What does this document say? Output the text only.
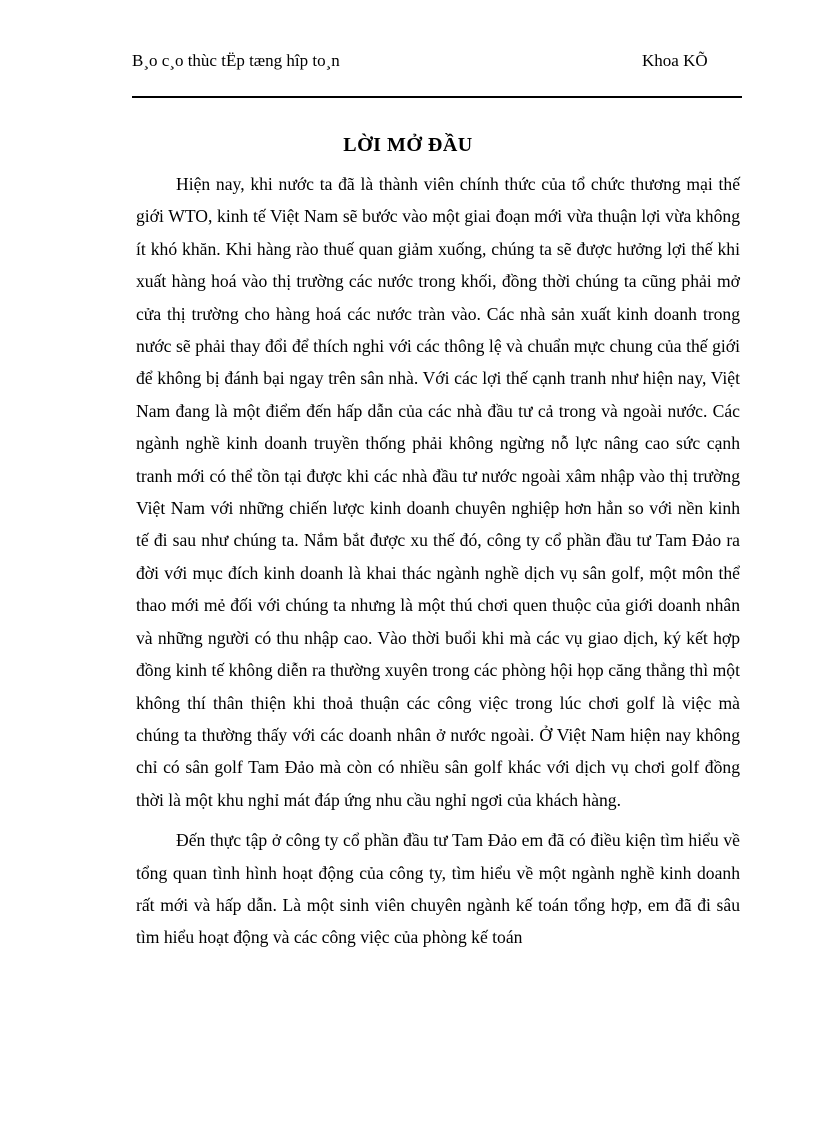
B¸o c¸o thùc tËp tæng hîp to¸n	Khoa KÕ
LỜI MỞ ĐẦU

Hiện nay, khi nước ta đã là thành viên chính thức của tổ chức thương mại thế giới WTO, kinh tế Việt Nam sẽ bước vào một giai đoạn mới vừa thuận lợi vừa không ít khó khăn. Khi hàng rào thuế quan giảm xuống, chúng ta sẽ được hưởng lợi thế khi xuất hàng hoá vào thị trường các nước trong khối, đồng thời chúng ta cũng phải mở cửa thị trường cho hàng hoá các nước tràn vào. Các nhà sản xuất kinh doanh trong nước sẽ phải thay đổi để thích nghi với các thông lệ và chuẩn mực chung của thế giới để không bị đánh bại ngay trên sân nhà. Với các lợi thế cạnh tranh như hiện nay, Việt Nam đang là một điểm đến hấp dẫn của các nhà đầu tư cả trong và ngoài nước. Các ngành nghề kinh doanh truyền thống phải không ngừng nỗ lực nâng cao sức cạnh tranh mới có thể tồn tại được khi các nhà đầu tư nước ngoài xâm nhập vào thị trường Việt Nam với những chiến lược kinh doanh chuyên nghiệp hơn hẳn so với nền kinh tế đi sau như chúng ta. Nắm bắt được xu thế đó, công ty cổ phần đầu tư Tam Đảo ra đời với mục đích kinh doanh là khai thác ngành nghề dịch vụ sân golf, một môn thể thao mới mẻ đối với chúng ta nhưng là một thú chơi quen thuộc của giới doanh nhân và những người có thu nhập cao. Vào thời buổi khi mà các vụ giao dịch, ký kết hợp đồng kinh tế không diễn ra thường xuyên trong các phòng hội họp căng thẳng thì một không thí thân thiện khi thoả thuận các công việc trong lúc chơi golf là việc mà chúng ta thường thấy với các doanh nhân ở nước ngoài. Ở Việt Nam hiện nay không chỉ có sân golf Tam Đảo mà còn có nhiều sân golf khác với dịch vụ chơi golf đồng thời là một khu nghỉ mát đáp ứng nhu cầu nghỉ ngơi của khách hàng.

Đến thực tập ở công ty cổ phần đầu tư Tam Đảo em đã có điều kiện tìm hiểu về tổng quan tình hình hoạt động của công ty, tìm hiểu về một ngành nghề kinh doanh rất mới và hấp dẫn. Là một sinh viên chuyên ngành kế toán tổng hợp, em đã đi sâu tìm hiểu hoạt động và các công việc của phòng kế toán
